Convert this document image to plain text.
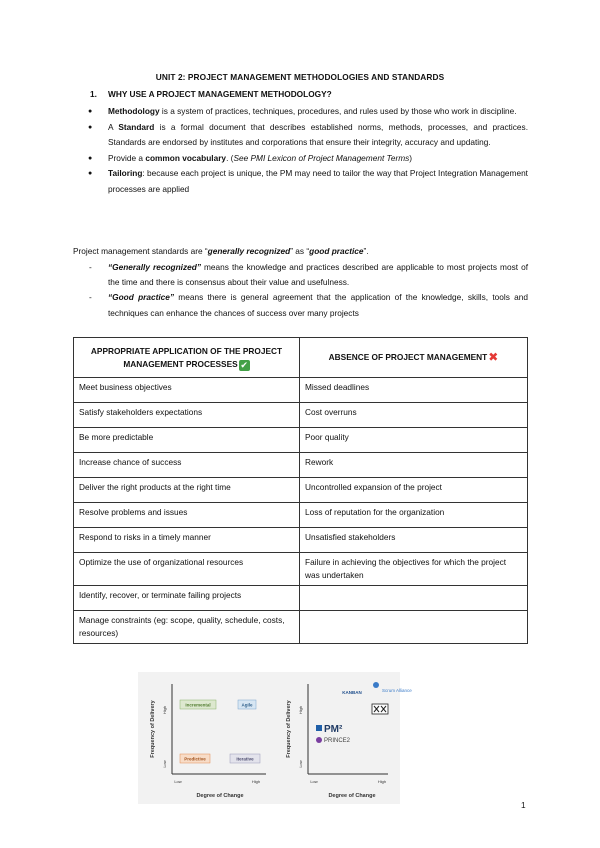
UNIT 2: PROJECT MANAGEMENT METHODOLOGIES AND STANDARDS
1. WHY USE A PROJECT MANAGEMENT METHODOLOGY?
● Methodology is a system of practices, techniques, procedures, and rules used by those who work in discipline.
● A Standard is a formal document that describes established norms, methods, processes, and practices. Standards are endorsed by institutes and corporations that ensure their integrity, accuracy and updating.
● Provide a common vocabulary. (See PMI Lexicon of Project Management Terms)
● Tailoring: because each project is unique, the PM may need to tailor the way that Project Integration Management processes are applied
Project management standards are “generally recognized” as “good practice”.
- “Generally recognized” means the knowledge and practices described are applicable to most projects most of the time and there is consensus about their value and usefulness.
- “Good practice” means there is general agreement that the application of the knowledge, skills, tools and techniques can enhance the chances of success over many projects
APPROPRIATE APPLICATION OF THE PROJECT MANAGEMENT PROCESSES ✔	ABSENCE OF PROJECT MANAGEMENT✖
Meet business objectives	Missed deadlines
Satisfy stakeholders expectations	Cost overruns
Be more predictable	Poor quality
Increase chance of success	Rework
Deliver the right products at the right time	Uncontrolled expansion of the project
Resolve problems and issues	Loss of reputation for the organization
Respond to risks in a timely manner	Unsatisfied stakeholders
Optimize the use of organizational resources	Failure in achieving the objectives for which the project was undertaken
Identify, recover, or terminate failing projects	
Manage constraints (eg: scope, quality, schedule, costs, resources)	
Frequency of Delivery
Degree of Change
High
Low
Low	High
Incremental	Agile
Predictive	Iterative
Frequency of Delivery
Degree of Change
High
Low
Low	High
KANBAN	Scrum Alliance
PM²
PRINCE2
1
